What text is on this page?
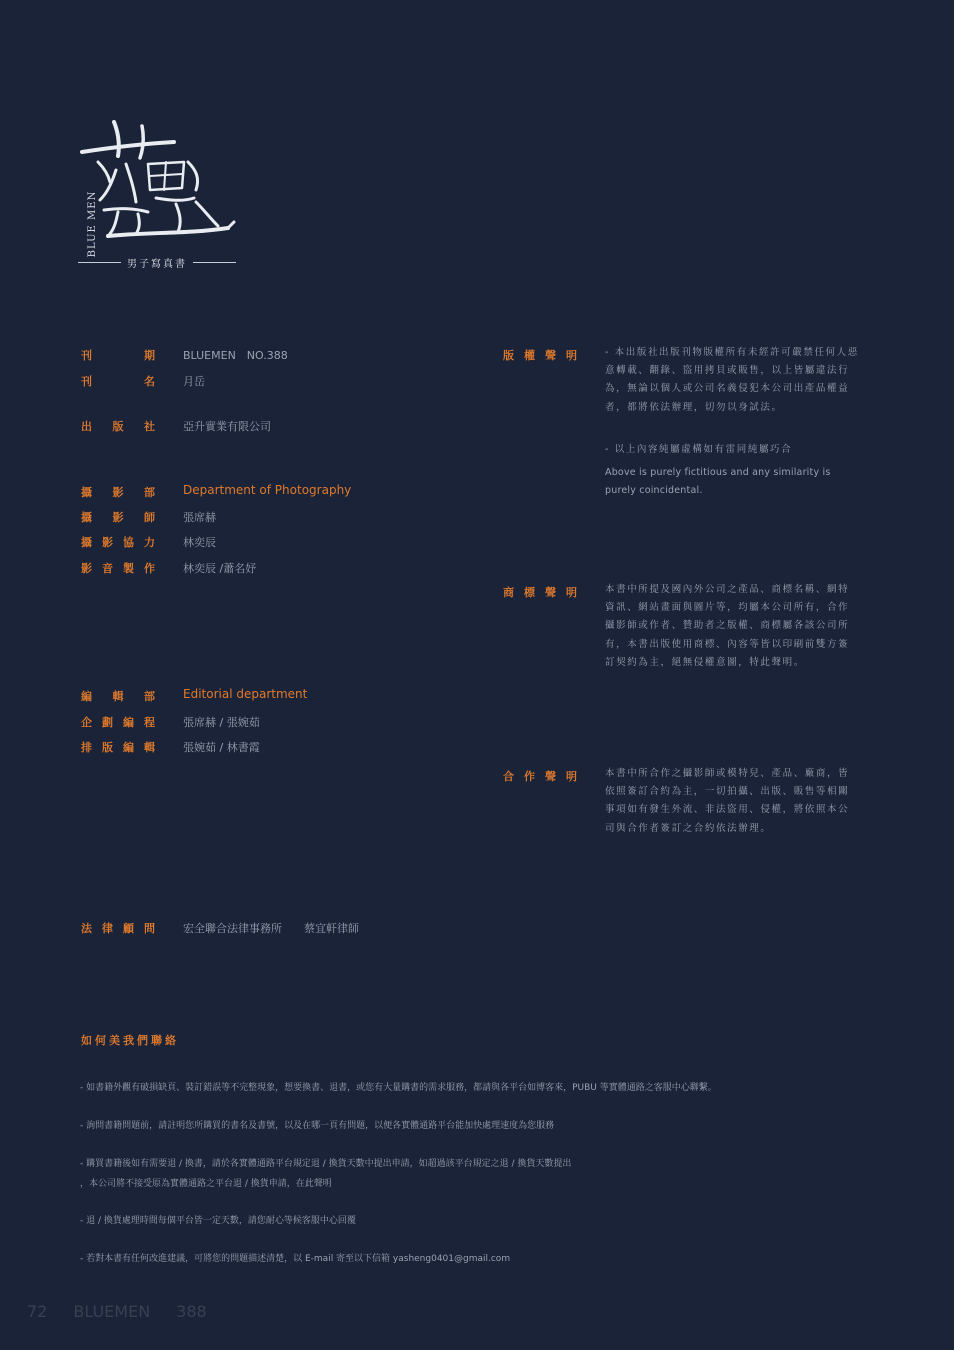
BLUE MEN
男子寫真書
刊	期	BLUEMEN　NO.388
刊	名	月岳
出 版 社	亞升實業有限公司
攝 影 部 Department of Photography
攝 影 師	張席赫
攝 影 協 力	林奕辰
影 音 製 作	林奕辰 /蕭名妤
編 輯 部 Editorial department
企 劃 編 程	張席赫 / 張婉茹
排 版 編 輯	張婉茹 / 林書霞
法 律 顧 問	宏全聯合法律事務所　　蔡宜軒律師
版 權 聲 明	- 本出版社出版刊物版權所有未經許可嚴禁任何人惡意轉載、翻錄、盜用拷貝或販售，以上皆屬違法行為，無論以個人或公司名義侵犯本公司出產品權益者，都將依法辦理，切勿以身試法。
- 以上內容純屬虛構如有雷同純屬巧合
Above is purely fictitious and any similarity is purely coincidental.
商 標 聲 明	本書中所提及國內外公司之產品、商標名稱、網特資訊、網站畫面與圖片等，均屬本公司所有，合作攝影師或作者、贊助者之版權、商標屬各該公司所有，本書出版使用商標、內容等皆以印刷前雙方簽訂契約為主，絕無侵權意圖，特此聲明。
合 作 聲 明	本書中所合作之攝影師或模特兒、產品、廠商，皆依照簽訂合約為主，一切拍攝、出版、販售等相關事項如有發生外流、非法盜用、侵權，將依照本公司與合作者簽訂之合約依法辦理。
如何美我們聯絡
- 如書籍外觀有破損缺頁、裝訂錯誤等不完整現象，想要換書、退書，或您有大量購書的需求服務，都請與各平台如博客來，PUBU 等實體通路之客服中心聯繫。
- 詢問書籍問題前，請註明您所購買的書名及書號，以及在哪一頁有問題，以便各實體通路平台能加快處理速度為您服務
- 購買書籍後如有需要退 / 換書，請於各實體通路平台規定退 / 換貨天數中提出申請，如超過該平台規定之退 / 換貨天數提出
，本公司將不接受原為實體通路之平台退 / 換貨申請，在此聲明
- 退 / 換貨處理時間每個平台皆一定天數，請您耐心等候客服中心回覆
- 若對本書有任何改進建議，可將您的問題描述清楚，以 E-mail 寄至以下信箱 yasheng0401@gmail.com
72 BLUEMEN 388
